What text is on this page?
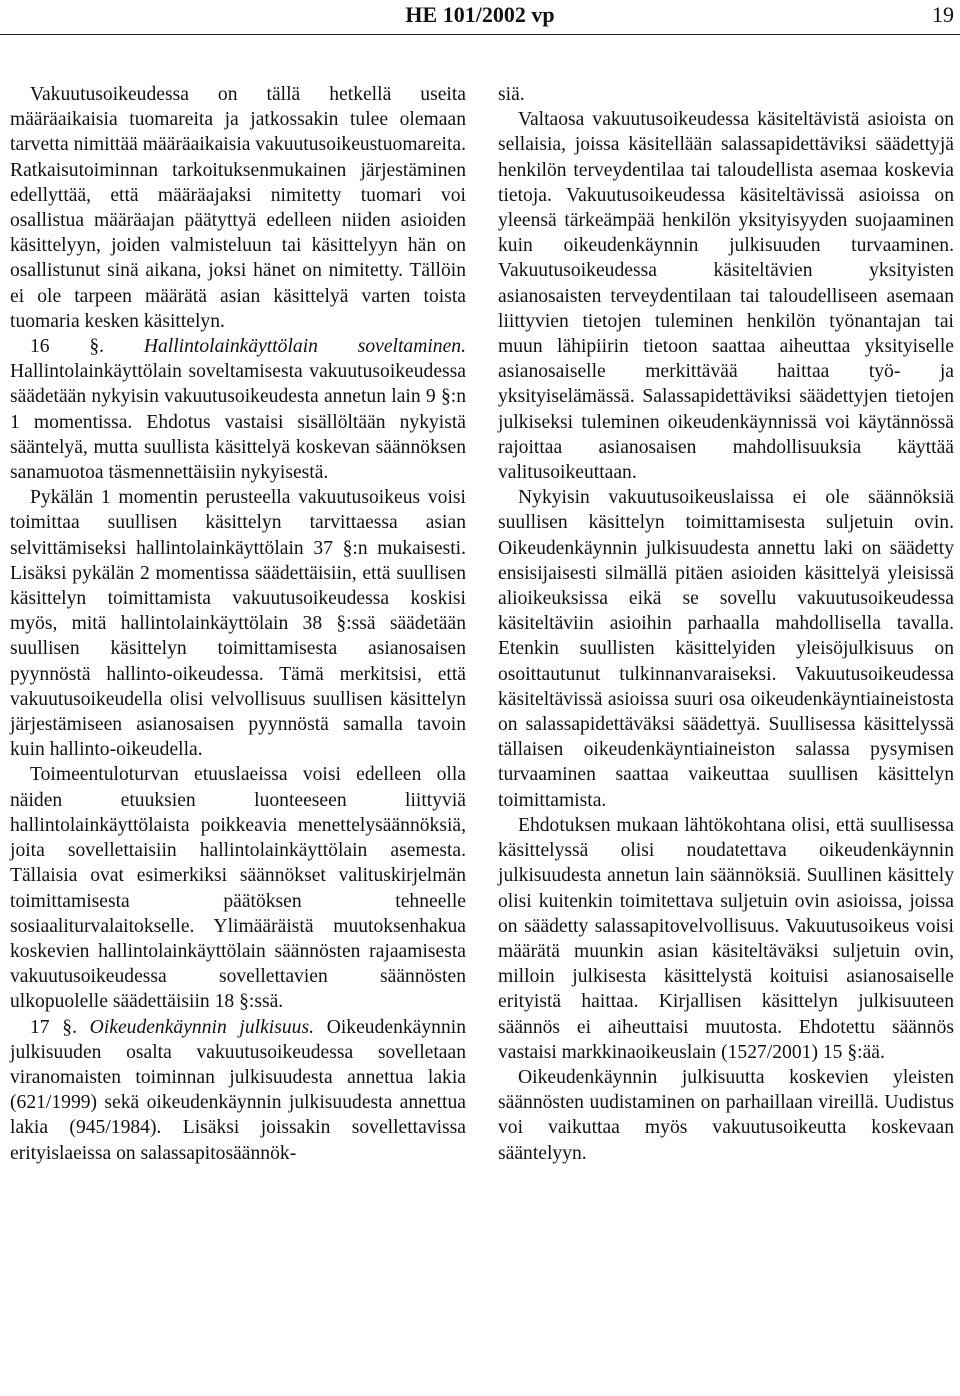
HE 101/2002 vp	19

Vakuutusoikeudessa on tällä hetkellä useita määräaikaisia tuomareita ja jatkossakin tulee olemaan tarvetta nimittää määräaikaisia vakuutusoikeustuomareita. Ratkaisutoiminnan tarkoituksenmukainen järjestäminen edellyttää, että määräajaksi nimitetty tuomari voi osallistua määräajan päätyttyä edelleen niiden asioiden käsittelyyn, joiden valmisteluun tai käsittelyyn hän on osallistunut sinä aikana, joksi hänet on nimitetty. Tällöin ei ole tarpeen määrätä asian käsittelyä varten toista tuomaria kesken käsittelyn.

16 §. Hallintolainkäyttölain soveltaminen. Hallintolainkäyttölain soveltamisesta vakuutusoikeudessa säädetään nykyisin vakuutusoikeudesta annetun lain 9 §:n 1 momentissa. Ehdotus vastaisi sisällöltään nykyistä sääntelyä, mutta suullista käsittelyä koskevan säännöksen sanamuotoa täsmennettäisiin nykyisestä.

Pykälän 1 momentin perusteella vakuutusoikeus voisi toimittaa suullisen käsittelyn tarvittaessa asian selvittämiseksi hallintolainkäyttölain 37 §:n mukaisesti. Lisäksi pykälän 2 momentissa säädettäisiin, että suullisen käsittelyn toimittamista vakuutusoikeudessa koskisi myös, mitä hallintolainkäyttölain 38 §:ssä säädetään suullisen käsittelyn toimittamisesta asianosaisen pyynnöstä hallinto-oikeudessa. Tämä merkitsisi, että vakuutusoikeudella olisi velvollisuus suullisen käsittelyn järjestämiseen asianosaisen pyynnöstä samalla tavoin kuin hallinto-oikeudella.

Toimeentuloturvan etuuslaeissa voisi edelleen olla näiden etuuksien luonteeseen liittyviä hallintolainkäyttölaista poikkeavia menettelysäännöksiä, joita sovellettaisiin hallintolainkäyttölain asemesta. Tällaisia ovat esimerkiksi säännökset valituskirjelmän toimittamisesta päätöksen tehneelle sosiaaliturvalaitokselle. Ylimääräistä muutoksenhakua koskevien hallintolainkäyttölain säännösten rajaamisesta vakuutusoikeudessa sovellettavien säännösten ulkopuolelle säädettäisiin 18 §:ssä.

17 §. Oikeudenkäynnin julkisuus. Oikeudenkäynnin julkisuuden osalta vakuutusoikeudessa sovelletaan viranomaisten toiminnan julkisuudesta annettua lakia (621/1999) sekä oikeudenkäynnin julkisuudesta annettua lakia (945/1984). Lisäksi joissakin sovellettavissa erityislaeissa on salassapitosäännök-

siä.

Valtaosa vakuutusoikeudessa käsiteltävistä asioista on sellaisia, joissa käsitellään salassapidettäviksi säädettyjä henkilön terveydentilaa tai taloudellista asemaa koskevia tietoja. Vakuutusoikeudessa käsiteltävissä asioissa on yleensä tärkeämpää henkilön yksityisyyden suojaaminen kuin oikeudenkäynnin julkisuuden turvaaminen. Vakuutusoikeudessa käsiteltävien yksityisten asianosaisten terveydentilaan tai taloudelliseen asemaan liittyvien tietojen tuleminen henkilön työnantajan tai muun lähipiirin tietoon saattaa aiheuttaa yksityiselle asianosaiselle merkittävää haittaa työ- ja yksityiselämässä. Salassapidettäviksi säädettyjen tietojen julkiseksi tuleminen oikeudenkäynnissä voi käytännössä rajoittaa asianosaisen mahdollisuuksia käyttää valitusoikeuttaan.

Nykyisin vakuutusoikeuslaissa ei ole säännöksiä suullisen käsittelyn toimittamisesta suljetuin ovin. Oikeudenkäynnin julkisuudesta annettu laki on säädetty ensisijaisesti silmällä pitäen asioiden käsittelyä yleisissä alioikeuksissa eikä se sovellu vakuutusoikeudessa käsiteltäviin asioihin parhaalla mahdollisella tavalla. Etenkin suullisten käsittelyiden yleisöjulkisuus on osoittautunut tulkinnanvaraiseksi. Vakuutusoikeudessa käsiteltävissä asioissa suuri osa oikeudenkäyntiaineistosta on salassapidettäväksi säädettyä. Suullisessa käsittelyssä tällaisen oikeudenkäyntiaineiston salassa pysymisen turvaaminen saattaa vaikeuttaa suullisen käsittelyn toimittamista.

Ehdotuksen mukaan lähtökohtana olisi, että suullisessa käsittelyssä olisi noudatettava oikeudenkäynnin julkisuudesta annetun lain säännöksiä. Suullinen käsittely olisi kuitenkin toimitettava suljetuin ovin asioissa, joissa on säädetty salassapitovelvollisuus. Vakuutusoikeus voisi määrätä muunkin asian käsiteltäväksi suljetuin ovin, milloin julkisesta käsittelystä koituisi asianosaiselle erityistä haittaa. Kirjallisen käsittelyn julkisuuteen säännös ei aiheuttaisi muutosta. Ehdotettu säännös vastaisi markkinaoikeuslain (1527/2001) 15 §:ää.

Oikeudenkäynnin julkisuutta koskevien yleisten säännösten uudistaminen on parhaillaan vireillä. Uudistus voi vaikuttaa myös vakuutusoikeutta koskevaan sääntelyyn.
